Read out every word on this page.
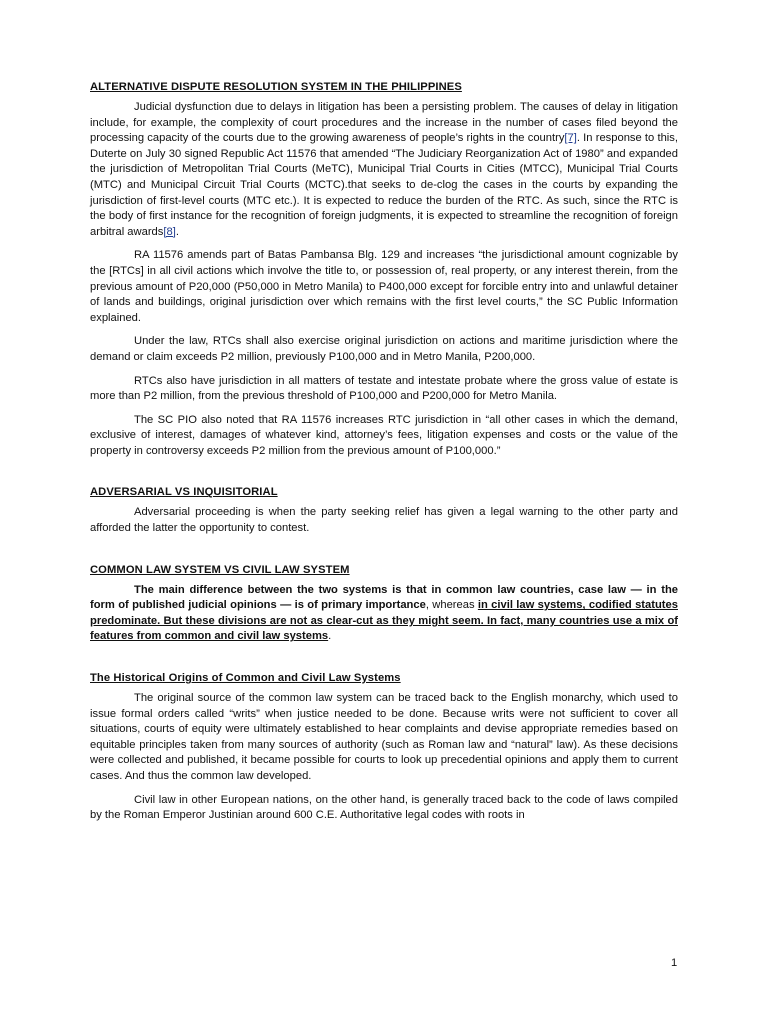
ALTERNATIVE DISPUTE RESOLUTION SYSTEM IN THE PHILIPPINES

Judicial dysfunction due to delays in litigation has been a persisting problem. The causes of delay in litigation include, for example, the complexity of court procedures and the increase in the number of cases filed beyond the processing capacity of the courts due to the growing awareness of people’s rights in the country[7]. In response to this, Duterte on July 30 signed Republic Act 11576 that amended “The Judiciary Reorganization Act of 1980” and expanded the jurisdiction of Metropolitan Trial Courts (MeTC), Municipal Trial Courts in Cities (MTCC), Municipal Trial Courts (MTC) and Municipal Circuit Trial Courts (MCTC).that seeks to de-clog the cases in the courts by expanding the jurisdiction of first-level courts (MTC etc.). It is expected to reduce the burden of the RTC. As such, since the RTC is the body of first instance for the recognition of foreign judgments, it is expected to streamline the recognition of foreign arbitral awards[8].

RA 11576 amends part of Batas Pambansa Blg. 129 and increases “the jurisdictional amount cognizable by the [RTCs] in all civil actions which involve the title to, or possession of, real property, or any interest therein, from the previous amount of P20,000 (P50,000 in Metro Manila) to P400,000 except for forcible entry into and unlawful detainer of lands and buildings, original jurisdiction over which remains with the first level courts,” the SC Public Information explained.

Under the law, RTCs shall also exercise original jurisdiction on actions and maritime jurisdiction where the demand or claim exceeds P2 million, previously P100,000 and in Metro Manila, P200,000.

RTCs also have jurisdiction in all matters of testate and intestate probate where the gross value of estate is more than P2 million, from the previous threshold of P100,000 and P200,000 for Metro Manila.

The SC PIO also noted that RA 11576 increases RTC jurisdiction in “all other cases in which the demand, exclusive of interest, damages of whatever kind, attorney’s fees, litigation expenses and costs or the value of the property in controversy exceeds P2 million from the previous amount of P100,000.”

ADVERSARIAL VS INQUISITORIAL

Adversarial proceeding is when the party seeking relief has given a legal warning to the other party and afforded the latter the opportunity to contest.

COMMON LAW SYSTEM VS CIVIL LAW SYSTEM

The main difference between the two systems is that in common law countries, case law — in the form of published judicial opinions — is of primary importance, whereas in civil law systems, codified statutes predominate. But these divisions are not as clear-cut as they might seem. In fact, many countries use a mix of features from common and civil law systems.

The Historical Origins of Common and Civil Law Systems

The original source of the common law system can be traced back to the English monarchy, which used to issue formal orders called “writs” when justice needed to be done. Because writs were not sufficient to cover all situations, courts of equity were ultimately established to hear complaints and devise appropriate remedies based on equitable principles taken from many sources of authority (such as Roman law and “natural” law). As these decisions were collected and published, it became possible for courts to look up precedential opinions and apply them to current cases. And thus the common law developed.

Civil law in other European nations, on the other hand, is generally traced back to the code of laws compiled by the Roman Emperor Justinian around 600 C.E. Authoritative legal codes with roots in

1
